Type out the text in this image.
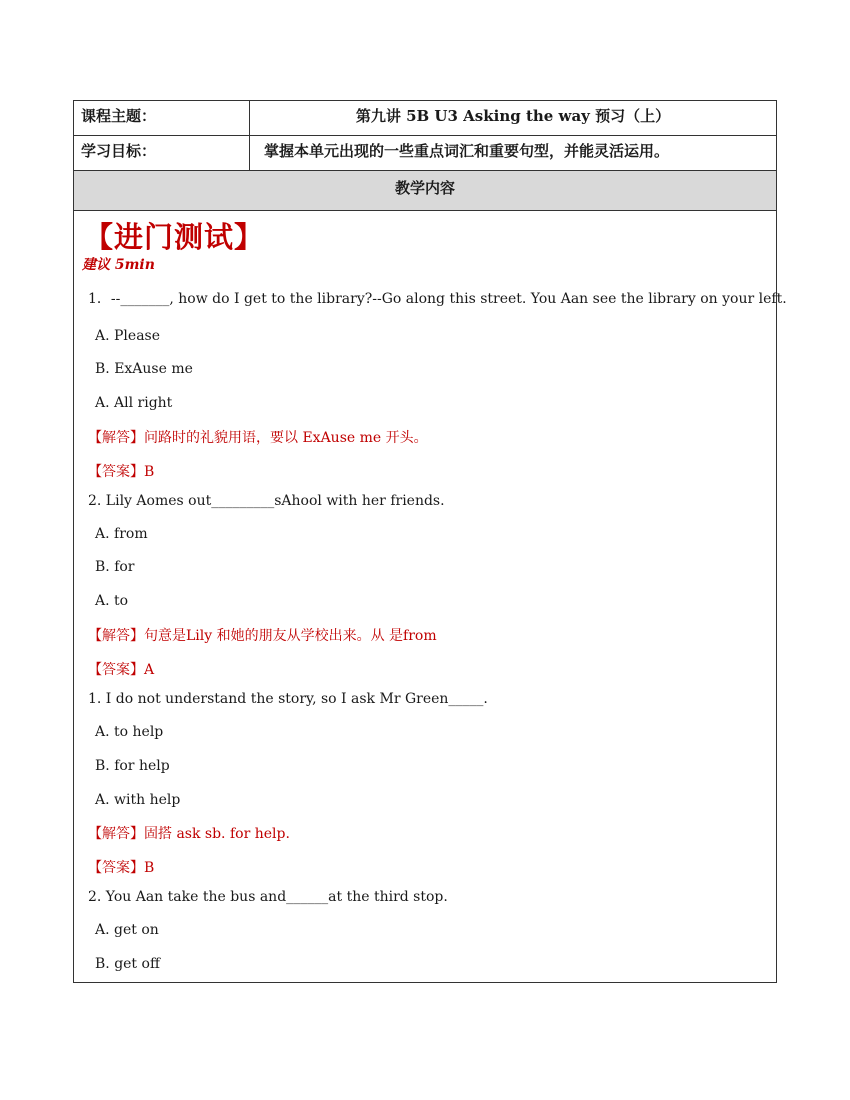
课程主题：	第九讲 5B U3 Asking the way 预习（上）
学习目标：	掌握本单元出现的一些重点词汇和重要句型，并能灵活运用。
教学内容
【进门测试】
建议 5min
1．--_______, how do I get to the library?--Go along this street. You Aan see the library on your left.
A. Please
B. ExAuse me
A. All right
【解答】问路时的礼貌用语，要以 ExAuse me 开头。
【答案】B
2. Lily Aomes out_________sAhool with her friends.
A. from
B. for
A. to
【解答】句意是Lily 和她的朋友从学校出来。从 是from
【答案】A
1. I do not understand the story, so I ask Mr Green_____.
A. to help
B. for help
A. with help
【解答】固搭 ask sb. for help.
【答案】B
2. You Aan take the bus and______at the third stop.
A. get on
B. get off
